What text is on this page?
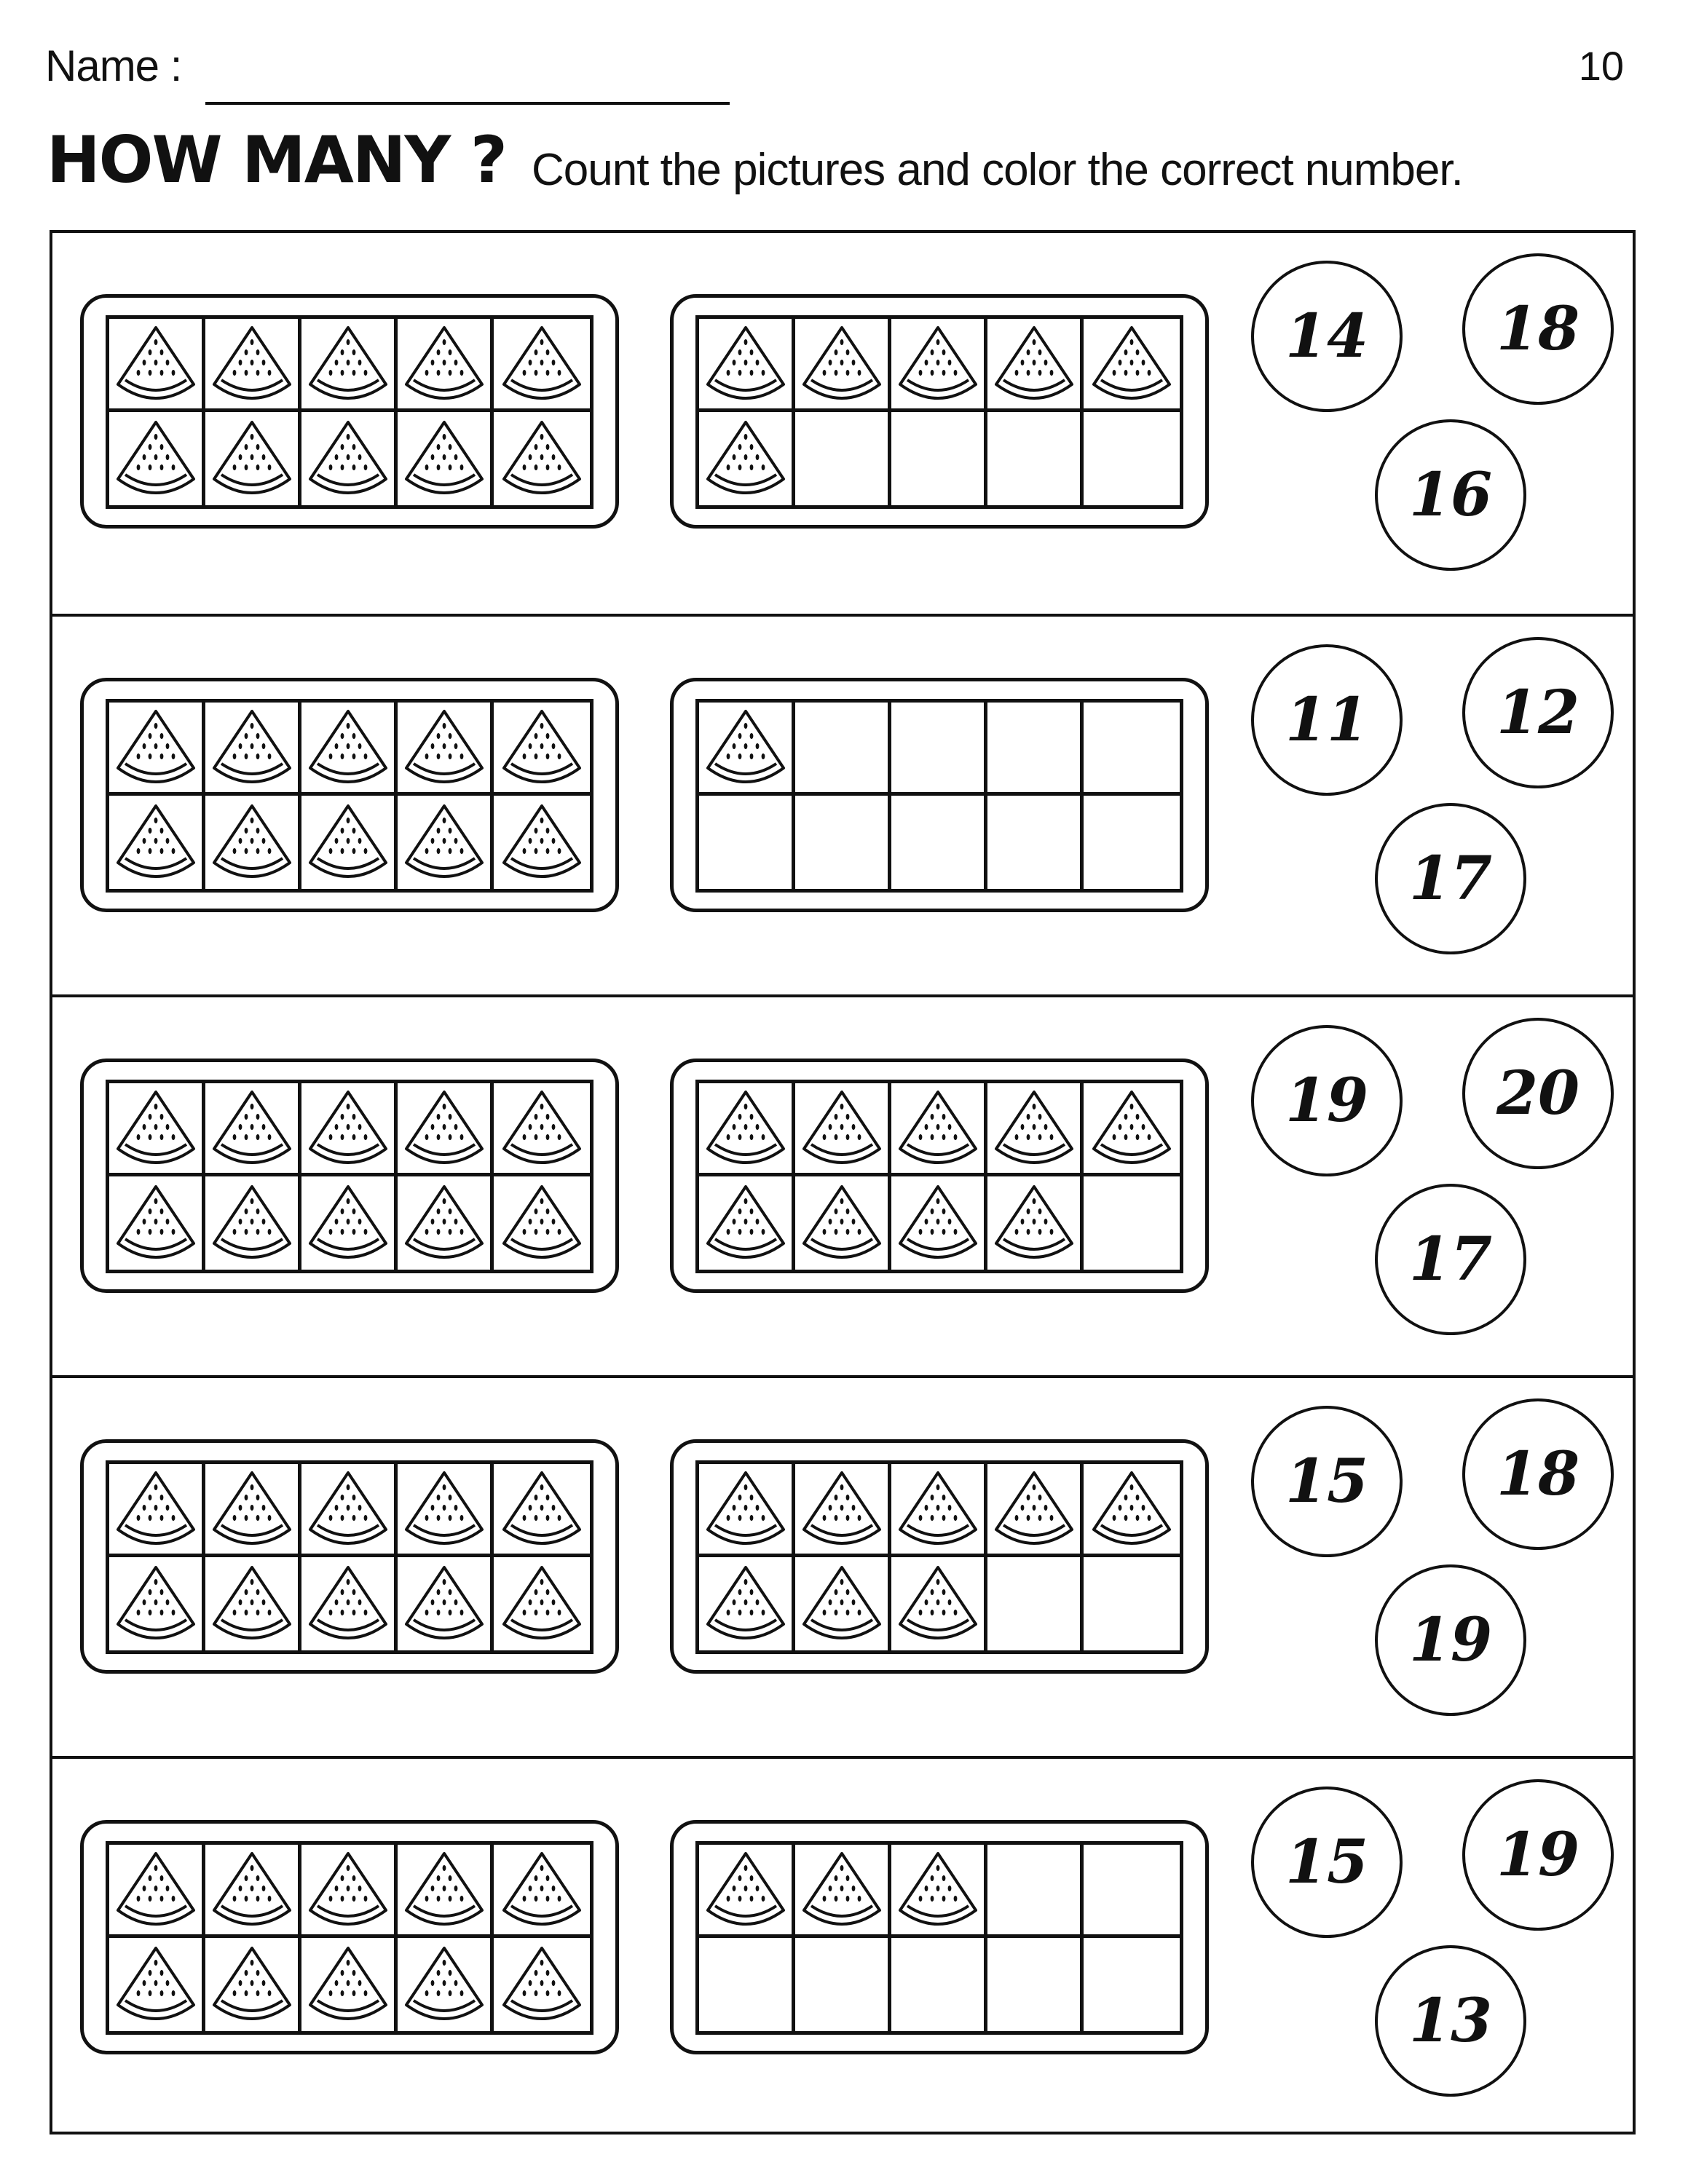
Name :	10
HOW MANY ? Count the pictures and color the correct number.
14	18
16
11	12
17
19	20
17
15	18
19
15	19
13
